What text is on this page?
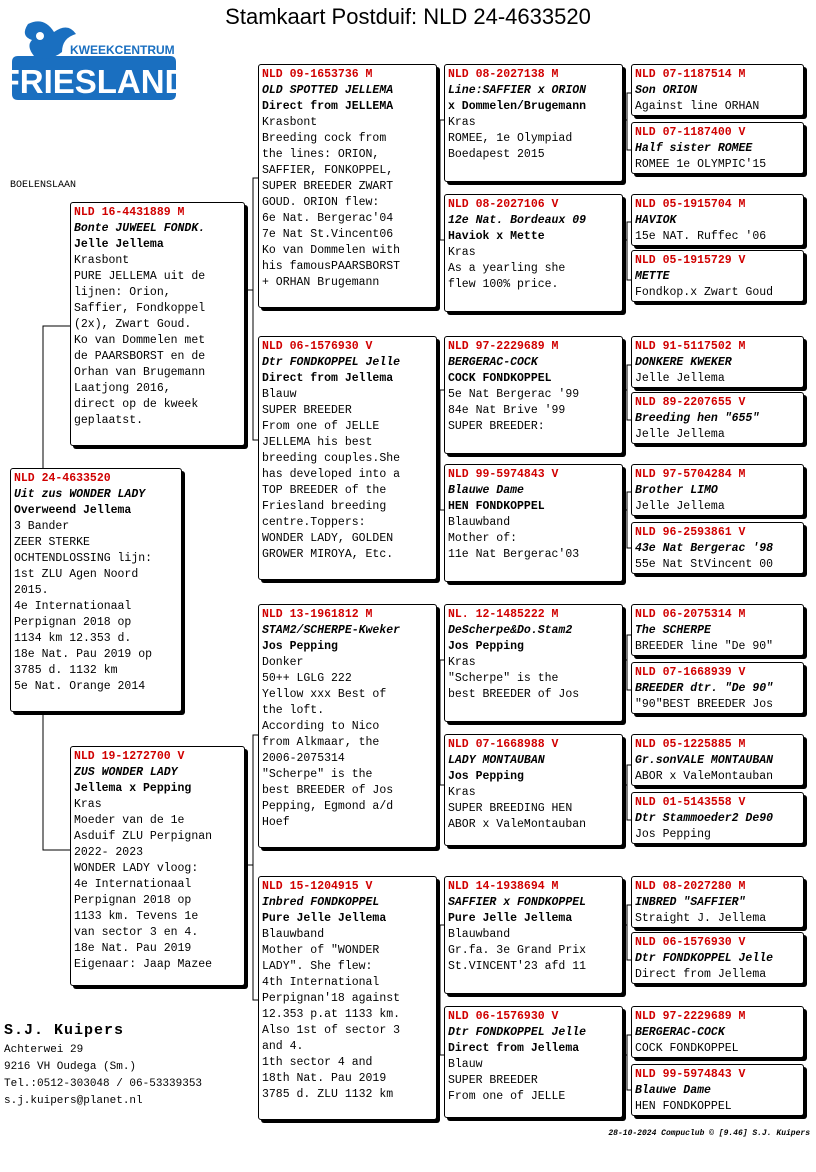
Stamkaart Postduif: NLD 24-4633520
KWEEKCENTRUM
FRIESLAND
BOELENSLAAN
NLD 24-4633520
Uit zus WONDER LADY
Overweend Jellema
3 Bander
ZEER STERKE
OCHTENDLOSSING lijn:
1st ZLU Agen Noord
2015.
4e Internationaal
Perpignan 2018 op
1134 km 12.353 d.
18e Nat. Pau 2019 op
3785 d. 1132 km
5e Nat. Orange 2014
NLD 16-4431889 M
Bonte JUWEEL FONDK.
Jelle Jellema
Krasbont
PURE JELLEMA uit de
lijnen: Orion,
Saffier, Fondkoppel
(2x), Zwart Goud.
Ko van Dommelen met
de PAARSBORST en de
Orhan van Brugemann
Laatjong 2016,
direct op de kweek
geplaatst.
NLD 19-1272700 V
ZUS WONDER LADY
Jellema x Pepping
Kras
Moeder van de 1e
Asduif ZLU Perpignan
2022- 2023
WONDER LADY vloog:
4e Internationaal
Perpignan 2018 op
1133 km. Tevens 1e
van sector 3 en 4.
18e Nat. Pau 2019
Eigenaar: Jaap Mazee
NLD 09-1653736 M
OLD SPOTTED JELLEMA
Direct from JELLEMA
Krasbont
Breeding cock from
the lines: ORION,
SAFFIER, FONKOPPEL,
SUPER BREEDER ZWART
GOUD. ORION flew:
6e Nat. Bergerac'04
7e Nat St.Vincent06
Ko van Dommelen with
his famousPAARSBORST
+ ORHAN Brugemann
NLD 06-1576930 V
Dtr FONDKOPPEL Jelle
Direct from Jellema
Blauw
SUPER BREEDER
From one of JELLE
JELLEMA his best
breeding couples.She
has developed into a
TOP BREEDER of the
Friesland breeding
centre.Toppers:
WONDER LADY, GOLDEN
GROWER MIROYA, Etc.
NLD 13-1961812 M
STAM2/SCHERPE-Kweker
Jos Pepping
Donker
50++ LGLG 222
Yellow xxx Best of
the loft.
According to Nico
from Alkmaar, the
2006-2075314
"Scherpe" is the
best BREEDER of Jos
Pepping, Egmond a/d
Hoef
NLD 15-1204915 V
Inbred FONDKOPPEL
Pure Jelle Jellema
Blauwband
Mother of "WONDER
LADY". She flew:
4th International
Perpignan'18 against
12.353 p.at 1133 km.
Also 1st of sector 3
and 4.
1th sector 4 and
18th Nat. Pau 2019
3785 d. ZLU 1132 km
NLD 08-2027138 M
Line:SAFFIER x ORION
x Dommelen/Brugemann
Kras
ROMEE, 1e Olympiad
Boedapest 2015
NLD 08-2027106 V
12e Nat. Bordeaux 09
Haviok x Mette
Kras
As a yearling she
flew 100% price.
NLD 97-2229689 M
BERGERAC-COCK
COCK FONDKOPPEL
5e Nat Bergerac '99
84e Nat Brive '99
SUPER BREEDER:
NLD 99-5974843 V
Blauwe Dame
HEN FONDKOPPEL
Blauwband
Mother of:
11e Nat Bergerac'03
NL. 12-1485222 M
DeScherpe&Do.Stam2
Jos Pepping
Kras
"Scherpe" is the
best BREEDER of Jos
NLD 07-1668988 V
LADY MONTAUBAN
Jos Pepping
Kras
SUPER BREEDING HEN
ABOR x ValeMontauban
NLD 14-1938694 M
SAFFIER x FONDKOPPEL
Pure Jelle Jellema
Blauwband
Gr.fa. 3e Grand Prix
St.VINCENT'23 afd 11
NLD 06-1576930 V
Dtr FONDKOPPEL Jelle
Direct from Jellema
Blauw
SUPER BREEDER
From one of JELLE
NLD 07-1187514 M
Son ORION
Against line ORHAN
NLD 07-1187400 V
Half sister ROMEE
ROMEE 1e OLYMPIC'15
NLD 05-1915704 M
HAVIOK
15e NAT. Ruffec '06
NLD 05-1915729 V
METTE
Fondkop.x Zwart Goud
NLD 91-5117502 M
DONKERE KWEKER
Jelle Jellema
NLD 89-2207655 V
Breeding hen "655"
Jelle Jellema
NLD 97-5704284 M
Brother LIMO
Jelle Jellema
NLD 96-2593861 V
43e Nat Bergerac '98
55e Nat StVincent 00
NLD 06-2075314 M
The SCHERPE
BREEDER line "De 90"
NLD 07-1668939 V
BREEDER dtr. "De 90"
"90"BEST BREEDER Jos
NLD 05-1225885 M
Gr.sonVALE MONTAUBAN
ABOR x ValeMontauban
NLD 01-5143558 V
Dtr Stammoeder2 De90
Jos Pepping
NLD 08-2027280 M
INBRED "SAFFIER"
Straight J. Jellema
NLD 06-1576930 V
Dtr FONDKOPPEL Jelle
Direct from Jellema
NLD 97-2229689 M
BERGERAC-COCK
COCK FONDKOPPEL
NLD 99-5974843 V
Blauwe Dame
HEN FONDKOPPEL
S.J. Kuipers
Achterwei 29
9216 VH Oudega (Sm.)
Tel.:0512-303048 / 06-53339353
s.j.kuipers@planet.nl
28-10-2024 Compuclub © [9.46] S.J. Kuipers
